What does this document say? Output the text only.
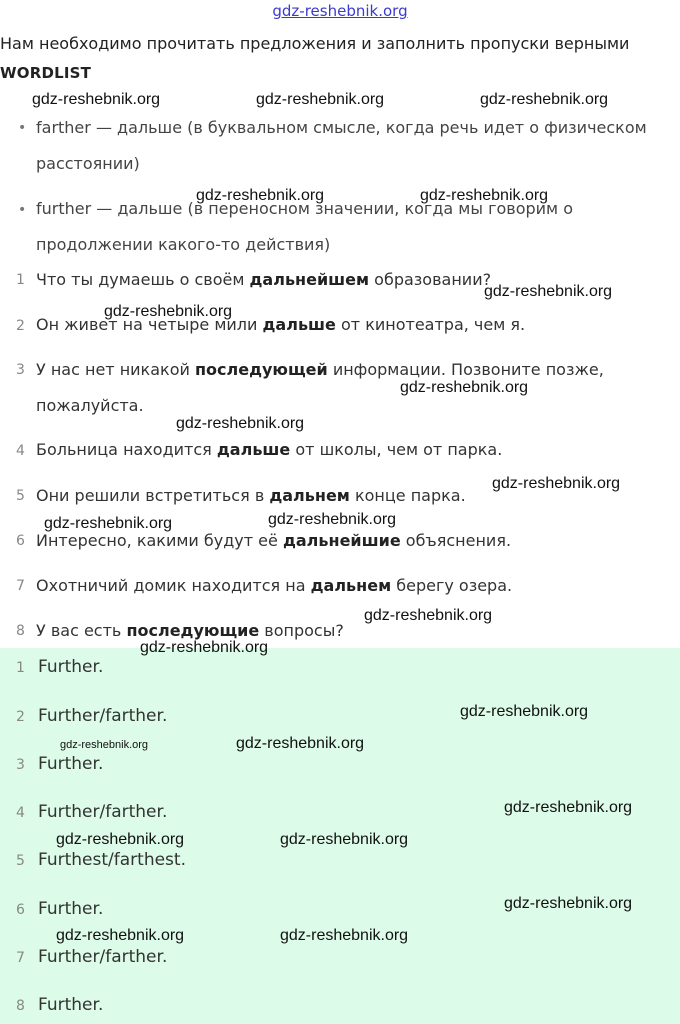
gdz-reshebnik.org
Нам необходимо прочитать предложения и заполнить пропуски верными
WORDLIST
• farther — дальше (в буквальном смысле, когда речь идет о физическом
расстоянии)
• further — дальше (в переносном значении, когда мы говорим о
продолжении какого-то действия)
1 Что ты думаешь о своём дальнейшем образовании?
2 Он живет на четыре мили дальше от кинотеатра, чем я.
3 У нас нет никакой последующей информации. Позвоните позже,
пожалуйста.
4 Больница находится дальше от школы, чем от парка.
5 Они решили встретиться в дальнем конце парка.
6 Интересно, какими будут её дальнейшие объяснения.
7 Охотничий домик находится на дальнем берегу озера.
8 У вас есть последующие вопросы?
1 Further.
2 Further/farther.
3 Further.
4 Further/farther.
5 Furthest/farthest.
6 Further.
7 Further/farther.
8 Further.
gdz-reshebnik.org	gdz-reshebnik.org	gdz-reshebnik.org
gdz-reshebnik.org	gdz-reshebnik.org
gdz-reshebnik.org
gdz-reshebnik.org
gdz-reshebnik.org
gdz-reshebnik.org
gdz-reshebnik.org
gdz-reshebnik.org
gdz-reshebnik.org
gdz-reshebnik.org
gdz-reshebnik.org
gdz-reshebnik.org
gdz-reshebnik.org	gdz-reshebnik.org
gdz-reshebnik.org
gdz-reshebnik.org	gdz-reshebnik.org
gdz-reshebnik.org
gdz-reshebnik.org	gdz-reshebnik.org
